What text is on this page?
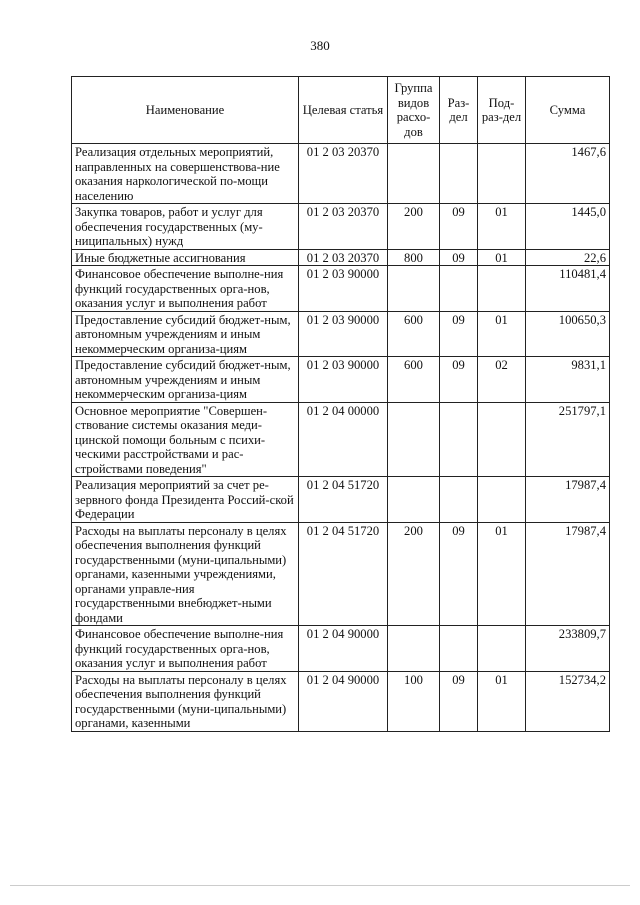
380
Наименование	Целевая статья	Группа видов расхо-дов	Раз-дел	Под-раз-дел	Сумма
Реализация отдельных мероприятий, направленных на совершенствова-ние оказания наркологической по-мощи населению	01 2 03 20370				1467,6
Закупка товаров, работ и услуг для обеспечения государственных (му-ниципальных) нужд	01 2 03 20370	200	09	01	1445,0
Иные бюджетные ассигнования	01 2 03 20370	800	09	01	22,6
Финансовое обеспечение выполне-ния функций государственных орга-нов, оказания услуг и выполнения работ	01 2 03 90000				110481,4
Предоставление субсидий бюджет-ным, автономным учреждениям и иным некоммерческим организа-циям	01 2 03 90000	600	09	01	100650,3
Предоставление субсидий бюджет-ным, автономным учреждениям и иным некоммерческим организа-циям	01 2 03 90000	600	09	02	9831,1
Основное мероприятие "Совершен-ствование системы оказания меди-цинской помощи больным с психи-ческими расстройствами и рас-стройствами поведения"	01 2 04 00000				251797,1
Реализация мероприятий за счет ре-зервного фонда Президента Россий-ской Федерации	01 2 04 51720				17987,4
Расходы на выплаты персоналу в целях обеспечения выполнения функций государственными (муни-ципальными) органами, казенными учреждениями, органами управле-ния государственными внебюджет-ными фондами	01 2 04 51720	200	09	01	17987,4
Финансовое обеспечение выполне-ния функций государственных орга-нов, оказания услуг и выполнения работ	01 2 04 90000				233809,7
Расходы на выплаты персоналу в целях обеспечения выполнения функций государственными (муни-ципальными) органами, казенными	01 2 04 90000	100	09	01	152734,2
